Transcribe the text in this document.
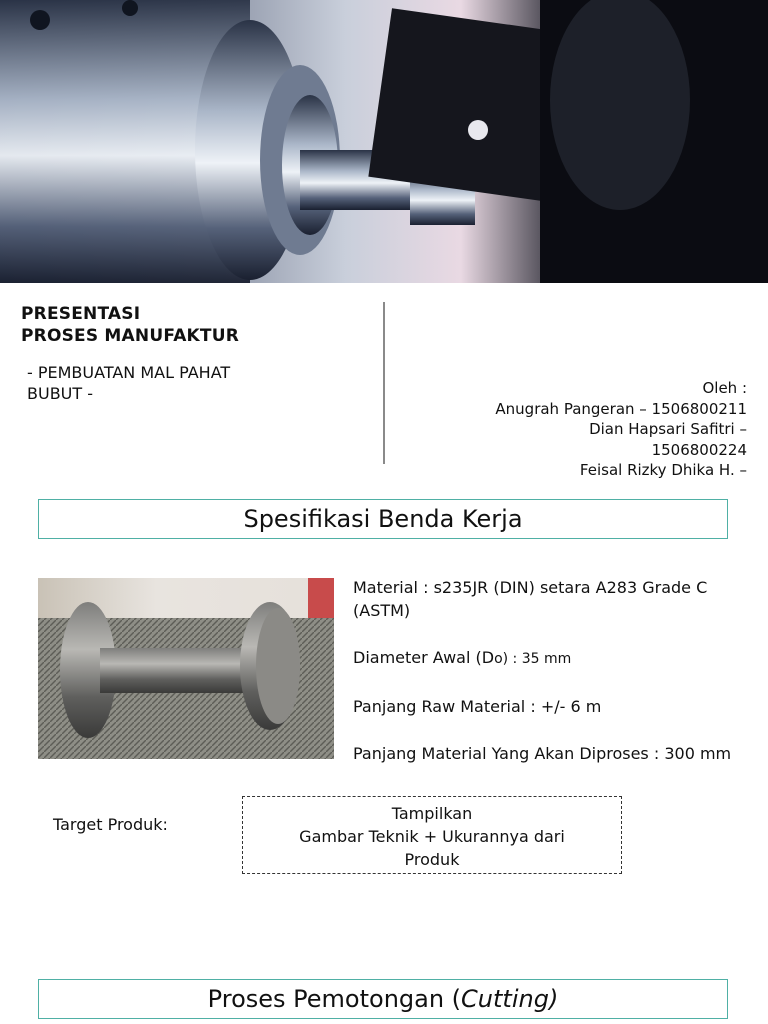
PRESENTASI
PROSES MANUFAKTUR
- PEMBUATAN MAL PAHAT
BUBUT -	Oleh :
Anugrah Pangeran – 1506800211
Dian Hapsari Safitri –
1506800224
Feisal Rizky Dhika H. –
Spesifikasi Benda Kerja

Material : s235JR (DIN) setara A283 Grade C (ASTM)

Diameter Awal (Do) : 35 mm

Panjang Raw Material : +/- 6 m

Panjang Material Yang Akan Diproses : 300 mm

Target Produk:
Tampilkan
Gambar Teknik + Ukurannya dari
Produk
Proses Pemotongan (Cutting)
